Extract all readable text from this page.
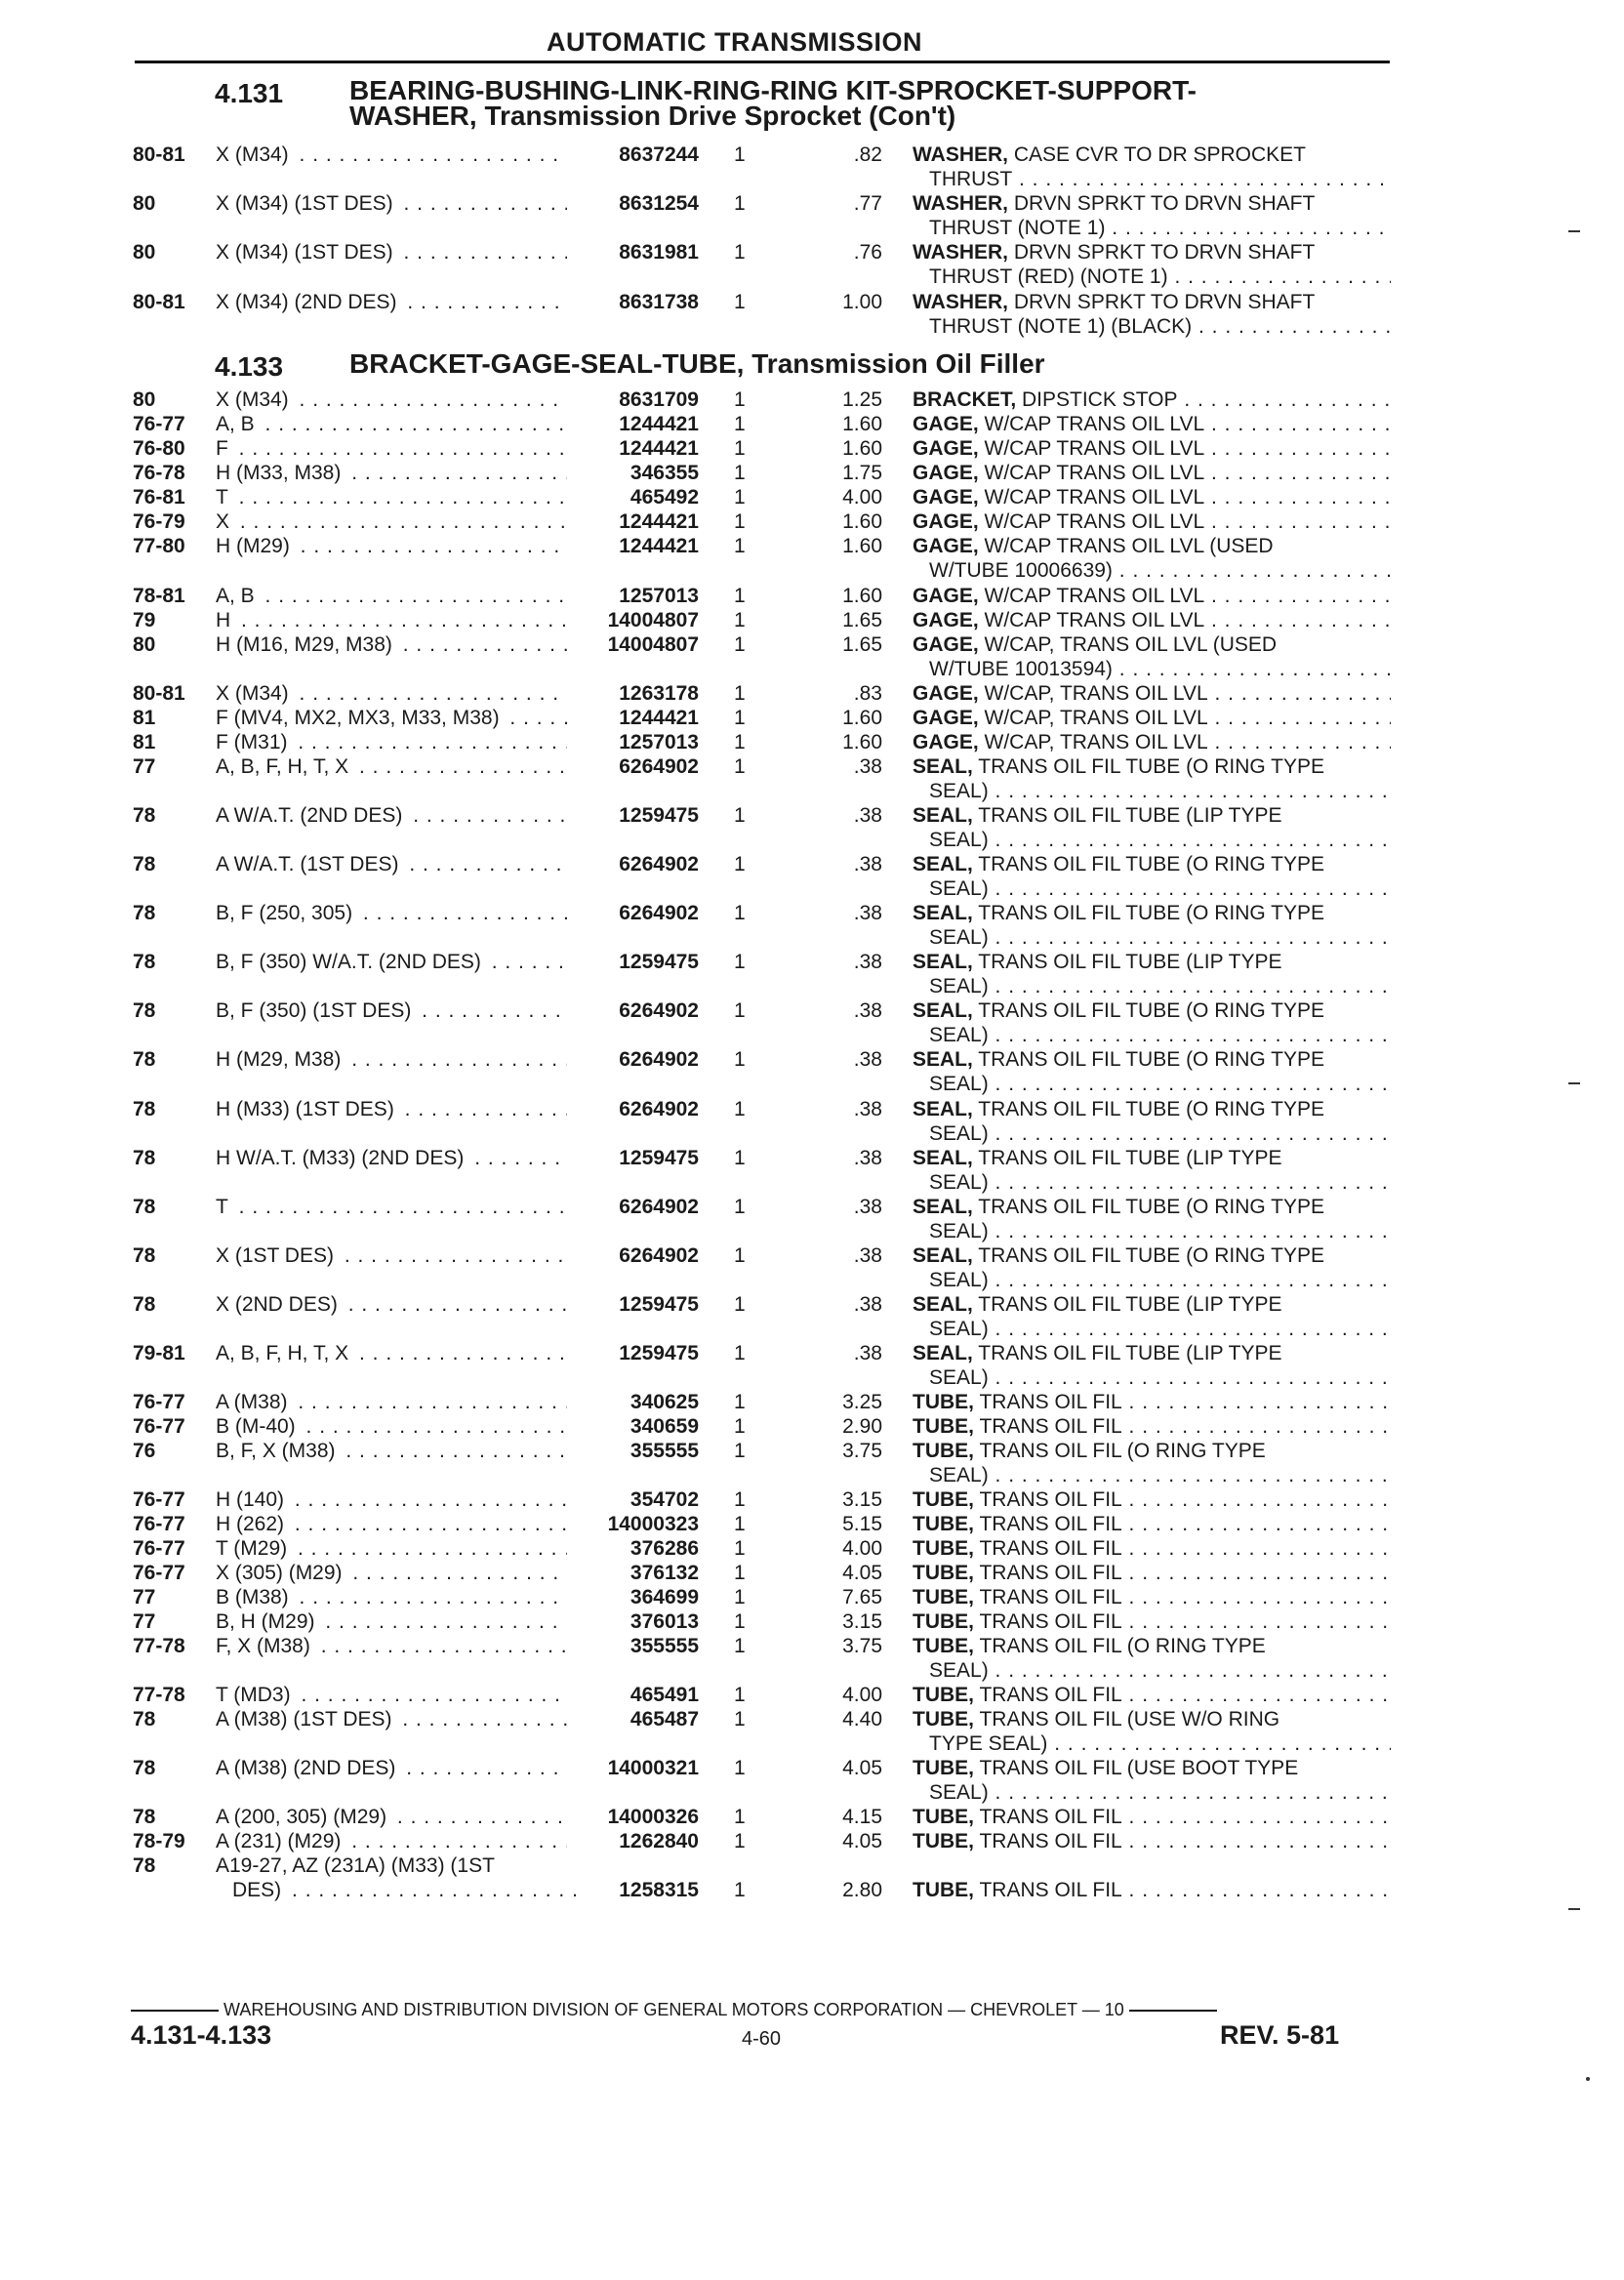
AUTOMATIC TRANSMISSION
4.131 BEARING-BUSHING-LINK-RING-RING KIT-SPROCKET-SUPPORT-
WASHER, Transmission Drive Sprocket (Con't)
80-81 X (M34) . . .	8637244 1	.82 WASHER, CASE CVR TO DR SPROCKET
THRUST . . .
80	X (M34) (1ST DES) . . .	8631254 1	.77 WASHER, DRVN SPRKT TO DRVN SHAFT
THRUST (NOTE 1) . . .
80	X (M34) (1ST DES) . . .	8631981 1	.76 WASHER, DRVN SPRKT TO DRVN SHAFT
THRUST (RED) (NOTE 1) . . .
80-81 X (M34) (2ND DES) . . .	8631738 1	1.00 WASHER, DRVN SPRKT TO DRVN SHAFT
THRUST (NOTE 1) (BLACK) . . .
4.133 BRACKET-GAGE-SEAL-TUBE, Transmission Oil Filler
80	X (M34) . . .	8631709 1	1.25 BRACKET, DIPSTICK STOP . . .
76-77 A, B . . .	1244421 1	1.60 GAGE, W/CAP TRANS OIL LVL . . .
76-80 F . . .	1244421 1	1.60 GAGE, W/CAP TRANS OIL LVL . . .
76-78 H (M33, M38) . . .	346355 1	1.75 GAGE, W/CAP TRANS OIL LVL . . .
76-81 T . . .	465492 1	4.00 GAGE, W/CAP TRANS OIL LVL . . .
76-79 X . . .	1244421 1	1.60 GAGE, W/CAP TRANS OIL LVL . . .
77-80 H (M29) . . .	1244421 1	1.60 GAGE, W/CAP TRANS OIL LVL (USED
W/TUBE 10006639) . . .
78-81 A, B . . .	1257013 1	1.60 GAGE, W/CAP TRANS OIL LVL . . .
79	H . . .	14004807 1	1.65 GAGE, W/CAP TRANS OIL LVL . . .
80	H (M16, M29, M38) . . .	14004807 1	1.65 GAGE, W/CAP, TRANS OIL LVL (USED
W/TUBE 10013594) . . .
80-81 X (M34) . . .	1263178 1	.83 GAGE, W/CAP, TRANS OIL LVL . . .
81	F (MV4, MX2, MX3, M33, M38) . . .	1244421 1	1.60 GAGE, W/CAP, TRANS OIL LVL . . .
81	F (M31) . . .	1257013 1	1.60 GAGE, W/CAP, TRANS OIL LVL . . .
77	A, B, F, H, T, X . . .	6264902 1	.38 SEAL, TRANS OIL FIL TUBE (O RING TYPE
SEAL) . . .
78	A W/A.T. (2ND DES) . . .	1259475 1	.38 SEAL, TRANS OIL FIL TUBE (LIP TYPE
SEAL) . . .
78	A W/A.T. (1ST DES) . . .	6264902 1	.38 SEAL, TRANS OIL FIL TUBE (O RING TYPE
SEAL) . . .
78	B, F (250, 305) . . .	6264902 1	.38 SEAL, TRANS OIL FIL TUBE (O RING TYPE
SEAL) . . .
78	B, F (350) W/A.T. (2ND DES) . . .	1259475 1	.38 SEAL, TRANS OIL FIL TUBE (LIP TYPE
SEAL) . . .
78	B, F (350) (1ST DES) . . .	6264902 1	.38 SEAL, TRANS OIL FIL TUBE (O RING TYPE
SEAL) . . .
78	H (M29, M38) . . .	6264902 1	.38 SEAL, TRANS OIL FIL TUBE (O RING TYPE
SEAL) . . .
78	H (M33) (1ST DES) . . .	6264902 1	.38 SEAL, TRANS OIL FIL TUBE (O RING TYPE
SEAL) . . .
78	H W/A.T. (M33) (2ND DES) . . .	1259475 1	.38 SEAL, TRANS OIL FIL TUBE (LIP TYPE
SEAL) . . .
78	T . . .	6264902 1	.38 SEAL, TRANS OIL FIL TUBE (O RING TYPE
SEAL) . . .
78	X (1ST DES) . . .	6264902 1	.38 SEAL, TRANS OIL FIL TUBE (O RING TYPE
SEAL) . . .
78	X (2ND DES) . . .	1259475 1	.38 SEAL, TRANS OIL FIL TUBE (LIP TYPE
SEAL) . . .
79-81 A, B, F, H, T, X . . .	1259475 1	.38 SEAL, TRANS OIL FIL TUBE (LIP TYPE
SEAL) . . .
76-77 A (M38) . . .	340625 1	3.25 TUBE, TRANS OIL FIL . . .
76-77 B (M-40) . . .	340659 1	2.90 TUBE, TRANS OIL FIL . . .
76	B, F, X (M38) . . .	355555 1	3.75 TUBE, TRANS OIL FIL (O RING TYPE
SEAL) . . .
76-77 H (140) . . .	354702 1	3.15 TUBE, TRANS OIL FIL . . .
76-77 H (262) . . .	14000323 1	5.15 TUBE, TRANS OIL FIL . . .
76-77 T (M29) . . .	376286 1	4.00 TUBE, TRANS OIL FIL . . .
76-77 X (305) (M29) . . .	376132 1	4.05 TUBE, TRANS OIL FIL . . .
77	B (M38) . . .	364699 1	7.65 TUBE, TRANS OIL FIL . . .
77	B, H (M29) . . .	376013 1	3.15 TUBE, TRANS OIL FIL . . .
77-78 F, X (M38) . . .	355555 1	3.75 TUBE, TRANS OIL FIL (O RING TYPE
SEAL) . . .
77-78 T (MD3) . . .	465491 1	4.00 TUBE, TRANS OIL FIL . . .
78	A (M38) (1ST DES) . . .	465487 1	4.40 TUBE, TRANS OIL FIL (USE W/O RING
TYPE SEAL) . . .
78	A (M38) (2ND DES) . . .	14000321 1	4.05 TUBE, TRANS OIL FIL (USE BOOT TYPE
SEAL) . . .
78	A (200, 305) (M29) . . .	14000326 1	4.15 TUBE, TRANS OIL FIL . . .
78-79 A (231) (M29) . . .	1262840 1	4.05 TUBE, TRANS OIL FIL . . .
78	A19-27, AZ (231A) (M33) (1ST
DES) . . .	1258315 1	2.80 TUBE, TRANS OIL FIL . . .
WAREHOUSING AND DISTRIBUTION DIVISION OF GENERAL MOTORS CORPORATION — CHEVROLET — 10
4.131-4.133	4-60	REV. 5-81
